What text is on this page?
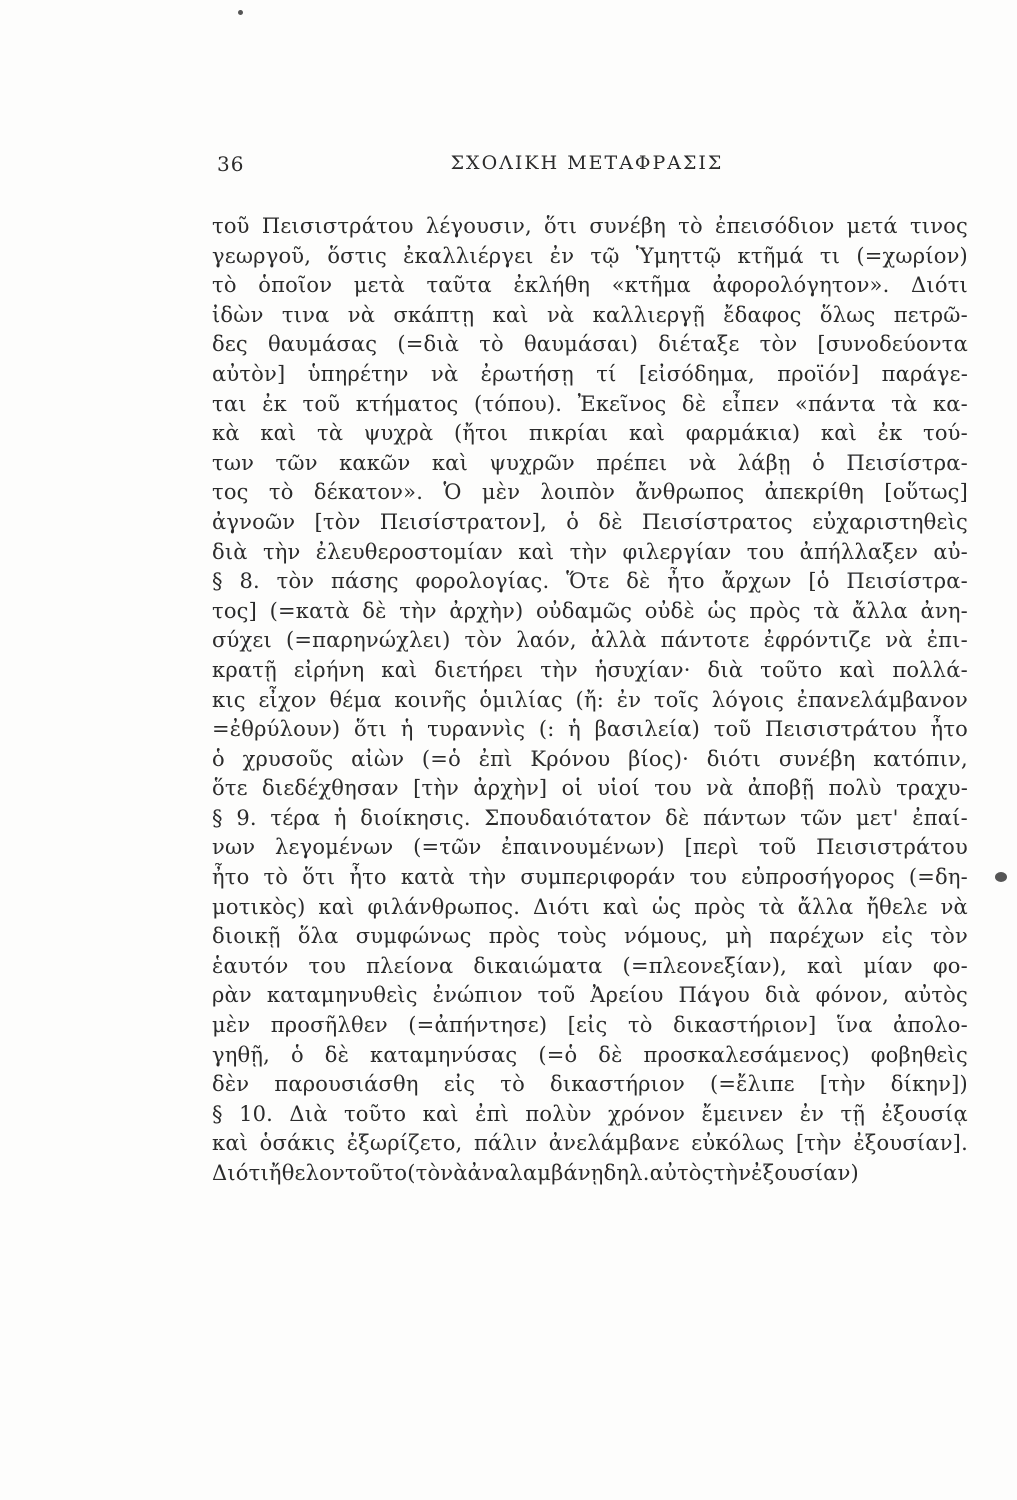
36	ΣΧΟΛΙΚΗ ΜΕΤΑΦΡΑΣΙΣ
τοῦ Πεισιστράτου λέγουσιν, ὅτι συνέβη τὸ ἐπεισόδιον μετά τινος
γεωργοῦ, ὅστις ἐκαλλιέργει ἐν τῷ Ὑμηττῷ κτῆμά τι (=χωρίον)
τὸ ὁποῖον μετὰ ταῦτα ἐκλήθη «κτῆμα ἀφορολόγητον». Διότι
ἰδὼν τινα νὰ σκάπτῃ καὶ νὰ καλλιεργῇ ἔδαφος ὅλως πετρῶ-
δες θαυμάσας (=διὰ τὸ θαυμάσαι) διέταξε τὸν [συνοδεύοντα
αὐτὸν] ὑπηρέτην νὰ ἐρωτήσῃ τί [εἰσόδημα, προϊόν] παράγε-
ται ἐκ τοῦ κτήματος (τόπου). Ἐκεῖνος δὲ εἶπεν «πάντα τὰ κα-
κὰ καὶ τὰ ψυχρὰ (ἤτοι πικρίαι καὶ φαρμάκια) καὶ ἐκ τού-
των τῶν κακῶν καὶ ψυχρῶν πρέπει νὰ λάβῃ ὁ Πεισίστρα-
τος τὸ δέκατον». Ὁ μὲν λοιπὸν ἄνθρωπος ἀπεκρίθη [οὕτως]
ἀγνοῶν [τὸν Πεισίστρατον], ὁ δὲ Πεισίστρατος εὐχαριστηθεὶς
διὰ τὴν ἐλευθεροστομίαν καὶ τὴν φιλεργίαν του ἀπήλλαξεν αὐ-
§ 8. τὸν πάσης φορολογίας. Ὅτε δὲ ἦτο ἄρχων [ὁ Πεισίστρα-
τος] (=κατὰ δὲ τὴν ἀρχὴν) οὐδαμῶς οὐδὲ ὡς πρὸς τὰ ἄλλα ἀνη-
σύχει (=παρηνώχλει) τὸν λαόν, ἀλλὰ πάντοτε ἐφρόντιζε νὰ ἐπι-
κρατῇ εἰρήνη καὶ διετήρει τὴν ἡσυχίαν· διὰ τοῦτο καὶ πολλά-
κις εἶχον θέμα κοινῆς ὁμιλίας (ἤ: ἐν τοῖς λόγοις ἐπανελάμβανον
=ἐθρύλουν) ὅτι ἡ τυραννὶς (: ἡ βασιλεία) τοῦ Πεισιστράτου ἦτο
ὁ χρυσοῦς αἰὼν (=ὁ ἐπὶ Κρόνου βίος)· διότι συνέβη κατόπιν,
ὅτε διεδέχθησαν [τὴν ἀρχὴν] οἱ υἱοί του νὰ ἀποβῇ πολὺ τραχυ-
§ 9. τέρα ἡ διοίκησις. Σπουδαιότατον δὲ πάντων τῶν μετ' ἐπαί-
νων λεγομένων (=τῶν ἐπαινουμένων) [περὶ τοῦ Πεισιστράτου
ἦτο τὸ ὅτι ἦτο κατὰ τὴν συμπεριφοράν του εὐπροσήγορος (=δη-
μοτικὸς) καὶ φιλάνθρωπος. Διότι καὶ ὡς πρὸς τὰ ἄλλα ἤθελε νὰ
διοικῇ ὅλα συμφώνως πρὸς τοὺς νόμους, μὴ παρέχων εἰς τὸν
ἑαυτόν του πλείονα δικαιώματα (=πλεονεξίαν), καὶ μίαν φο-
ρὰν καταμηνυθεὶς ἐνώπιον τοῦ Ἀρείου Πάγου διὰ φόνον, αὐτὸς
μὲν προσῆλθεν (=ἀπήντησε) [εἰς τὸ δικαστήριον] ἵνα ἀπολο-
γηθῇ, ὁ δὲ καταμηνύσας (=ὁ δὲ προσκαλεσάμενος) φοβηθεὶς
δὲν παρουσιάσθη εἰς τὸ δικαστήριον (=ἔλιπε [τὴν δίκην])
§ 10. Διὰ τοῦτο καὶ ἐπὶ πολὺν χρόνον ἔμεινεν ἐν τῇ ἐξουσίᾳ
καὶ ὁσάκις ἐξωρίζετο, πάλιν ἀνελάμβανε εὐκόλως [τὴν ἐξουσίαν].
Διότι ἤθελον τοῦτο (τὸ νὰ ἀναλαμβάνῃ δηλ. αὐτὸς τὴν ἐξουσίαν)
